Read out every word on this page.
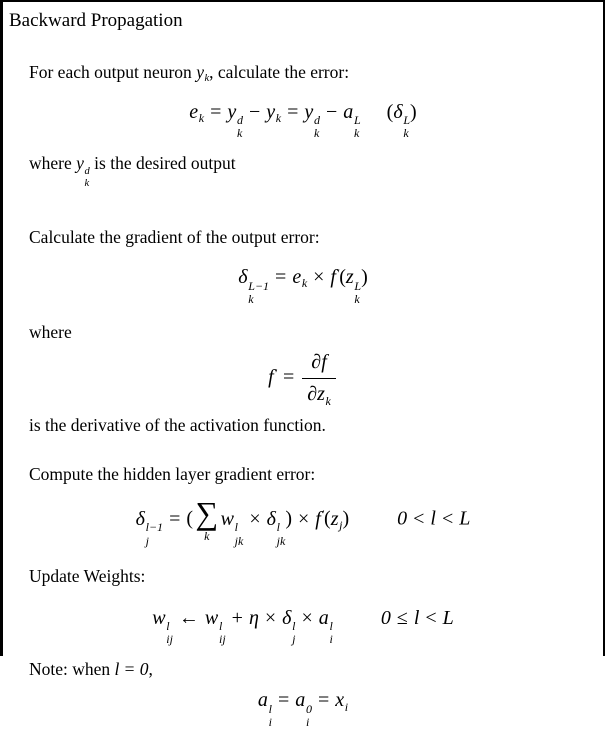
Backward Propagation
For each output neuron $y_k$, calculate the error:
$e_k = y$ d
k
− $y_k = y$ d
k
− a L
k
(δ L
k
)
where y d
k
is the desired output
Calculate the gradient of the output error:
δ L−1
k
= $e_k \times f'(z$ L
k
)
where
$f' = \frac{\partial f}{\partial z_k}$
is the derivative of the activation function.
Compute the hidden layer gradient error:
δ l−1
j
= ( ∑
k
w l
jk
× δ l
jk
) × $f'(z_j) 0 < l < L$
Update Weights:
w l
ij
← w l
ij
+ η × δ l
j
× a l
i
0 ≤ l < L
Note: when l = 0,
a l
i
= a 0
i
= $x_i$
